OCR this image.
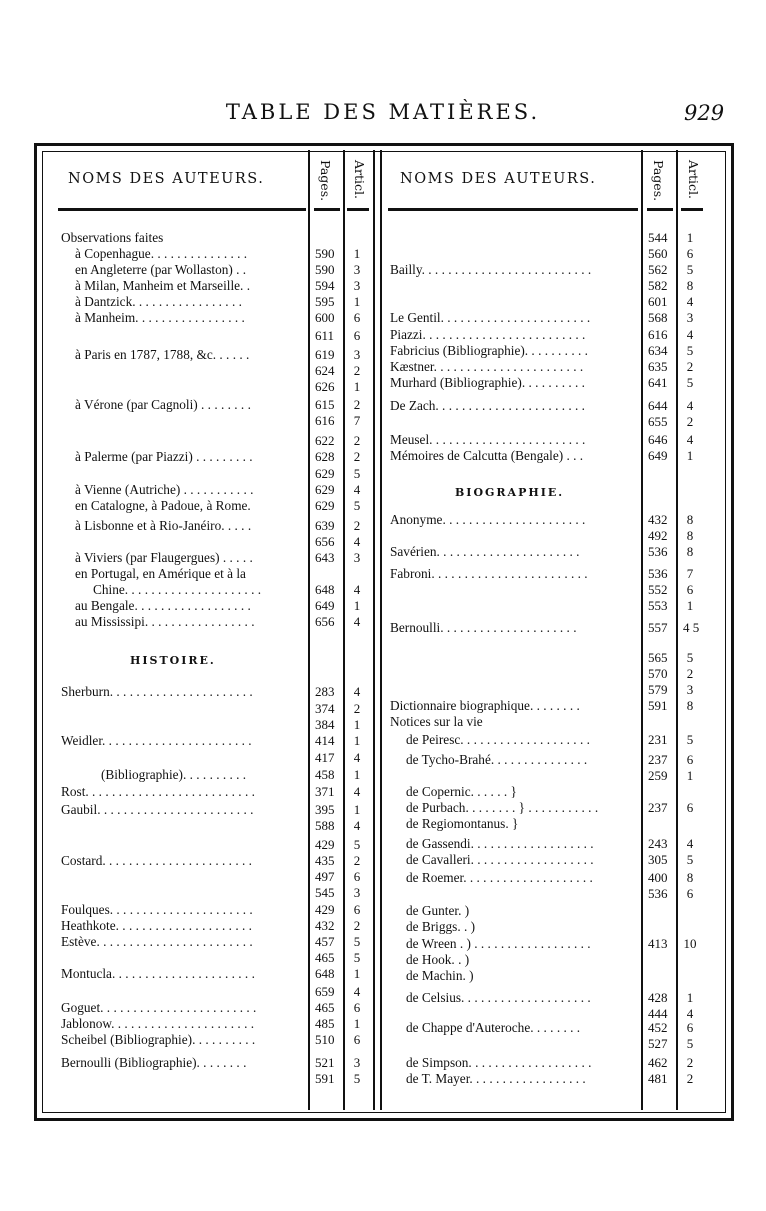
TABLE DES MATIÈRES.	929
NOMS DES AUTEURS.	Pages. Articl. NOMS DES AUTEURS.	Pages. Articl.
HISTOIRE.
BIOGRAPHIE.
Observations faites
à Copenhague. . . . . . . . . . . . . . .	590 1
en Angleterre (par Wollaston) . .	590 3
à Milan, Manheim et Marseille. .	594 3
à Dantzick. . . . . . . . . . . . . . . . .	595 1
à Manheim. . . . . . . . . . . . . . . . .	600 6
611 6
à Paris en 1787, 1788, &c. . . . . .	619 3
624 2
626 1
à Vérone (par Cagnoli) . . . . . . . .	615 2
616 7
622 2
à Palerme (par Piazzi) . . . . . . . . .	628 2
629 5
à Vienne (Autriche) . . . . . . . . . . .	629 4
en Catalogne, à Padoue, à Rome.	629 5
à Lisbonne et à Rio-Janéiro. . . . .	639 2
656 4
à Viviers (par Flaugergues) . . . . .	643 3
en Portugal, en Amérique et à la
Chine. . . . . . . . . . . . . . . . . . . . .	648 4
au Bengale. . . . . . . . . . . . . . . . . .	649 1
au Mississipi. . . . . . . . . . . . . . . . .	656 4
Sherburn. . . . . . . . . . . . . . . . . . . . . .	283 4
374 2
384 1
Weidler. . . . . . . . . . . . . . . . . . . . . . .	414 1
417 4
(Bibliographie). . . . . . . . . .	458 1
Rost. . . . . . . . . . . . . . . . . . . . . . . . . .	371 4
Gaubil. . . . . . . . . . . . . . . . . . . . . . . .	395 1
588 4
429 5
Costard. . . . . . . . . . . . . . . . . . . . . . .	435 2
497 6
545 3
Foulques. . . . . . . . . . . . . . . . . . . . . .	429 6
Heathkote. . . . . . . . . . . . . . . . . . . . .	432 2
Estève. . . . . . . . . . . . . . . . . . . . . . . .	457 5
465 5
Montucla. . . . . . . . . . . . . . . . . . . . . .	648 1
659 4
Goguet. . . . . . . . . . . . . . . . . . . . . . . .	465 6
Jablonow. . . . . . . . . . . . . . . . . . . . . .	485 1
Scheibel (Bibliographie). . . . . . . . . .	510 6
Bernoulli (Bibliographie). . . . . . . .	521 3
591 5
544 1
560 6
Bailly. . . . . . . . . . . . . . . . . . . . . . . . . .	562 5
582 8
601 4
Le Gentil. . . . . . . . . . . . . . . . . . . . . . .	568 3
Piazzi. . . . . . . . . . . . . . . . . . . . . . . . .	616 4
Fabricius (Bibliographie). . . . . . . . . .	634 5
Kæstner. . . . . . . . . . . . . . . . . . . . . . .	635 2
Murhard (Bibliographie). . . . . . . . . .	641 5
De Zach. . . . . . . . . . . . . . . . . . . . . . .	644 4
655 2
Meusel. . . . . . . . . . . . . . . . . . . . . . . .	646 4
Mémoires de Calcutta (Bengale) . . .	649 1
Anonyme. . . . . . . . . . . . . . . . . . . . . .	432 8
492 8
Savérien. . . . . . . . . . . . . . . . . . . . . .	536 8
Fabroni. . . . . . . . . . . . . . . . . . . . . . . .	536 7
552 6
553 1
Bernoulli. . . . . . . . . . . . . . . . . . . . .	557 4 5
565 5
570 2
579 3
Dictionnaire biographique. . . . . . . .	591 8
Notices sur la vie
de Peiresc. . . . . . . . . . . . . . . . . . . .	231 5
de Tycho-Brahé. . . . . . . . . . . . . . .	237 6
259 1
de Copernic. . . . . . }
de Purbach. . . . . . . . } . . . . . . . . . . .	237 6
de Regiomontanus. }
de Gassendi. . . . . . . . . . . . . . . . . . .	243 4
de Cavalleri. . . . . . . . . . . . . . . . . . .	305 5
de Roemer. . . . . . . . . . . . . . . . . . . .	400 8
536 6
de Gunter. )
de Briggs. . )
de Wreen . ) . . . . . . . . . . . . . . . . . .	413 10
de Hook. . )
de Machin. )
de Celsius. . . . . . . . . . . . . . . . . . . .	428 1
444 4
de Chappe d'Auteroche. . . . . . . .	452 6
527 5
de Simpson. . . . . . . . . . . . . . . . . . .	462 2
de T. Mayer. . . . . . . . . . . . . . . . . .	481 2
